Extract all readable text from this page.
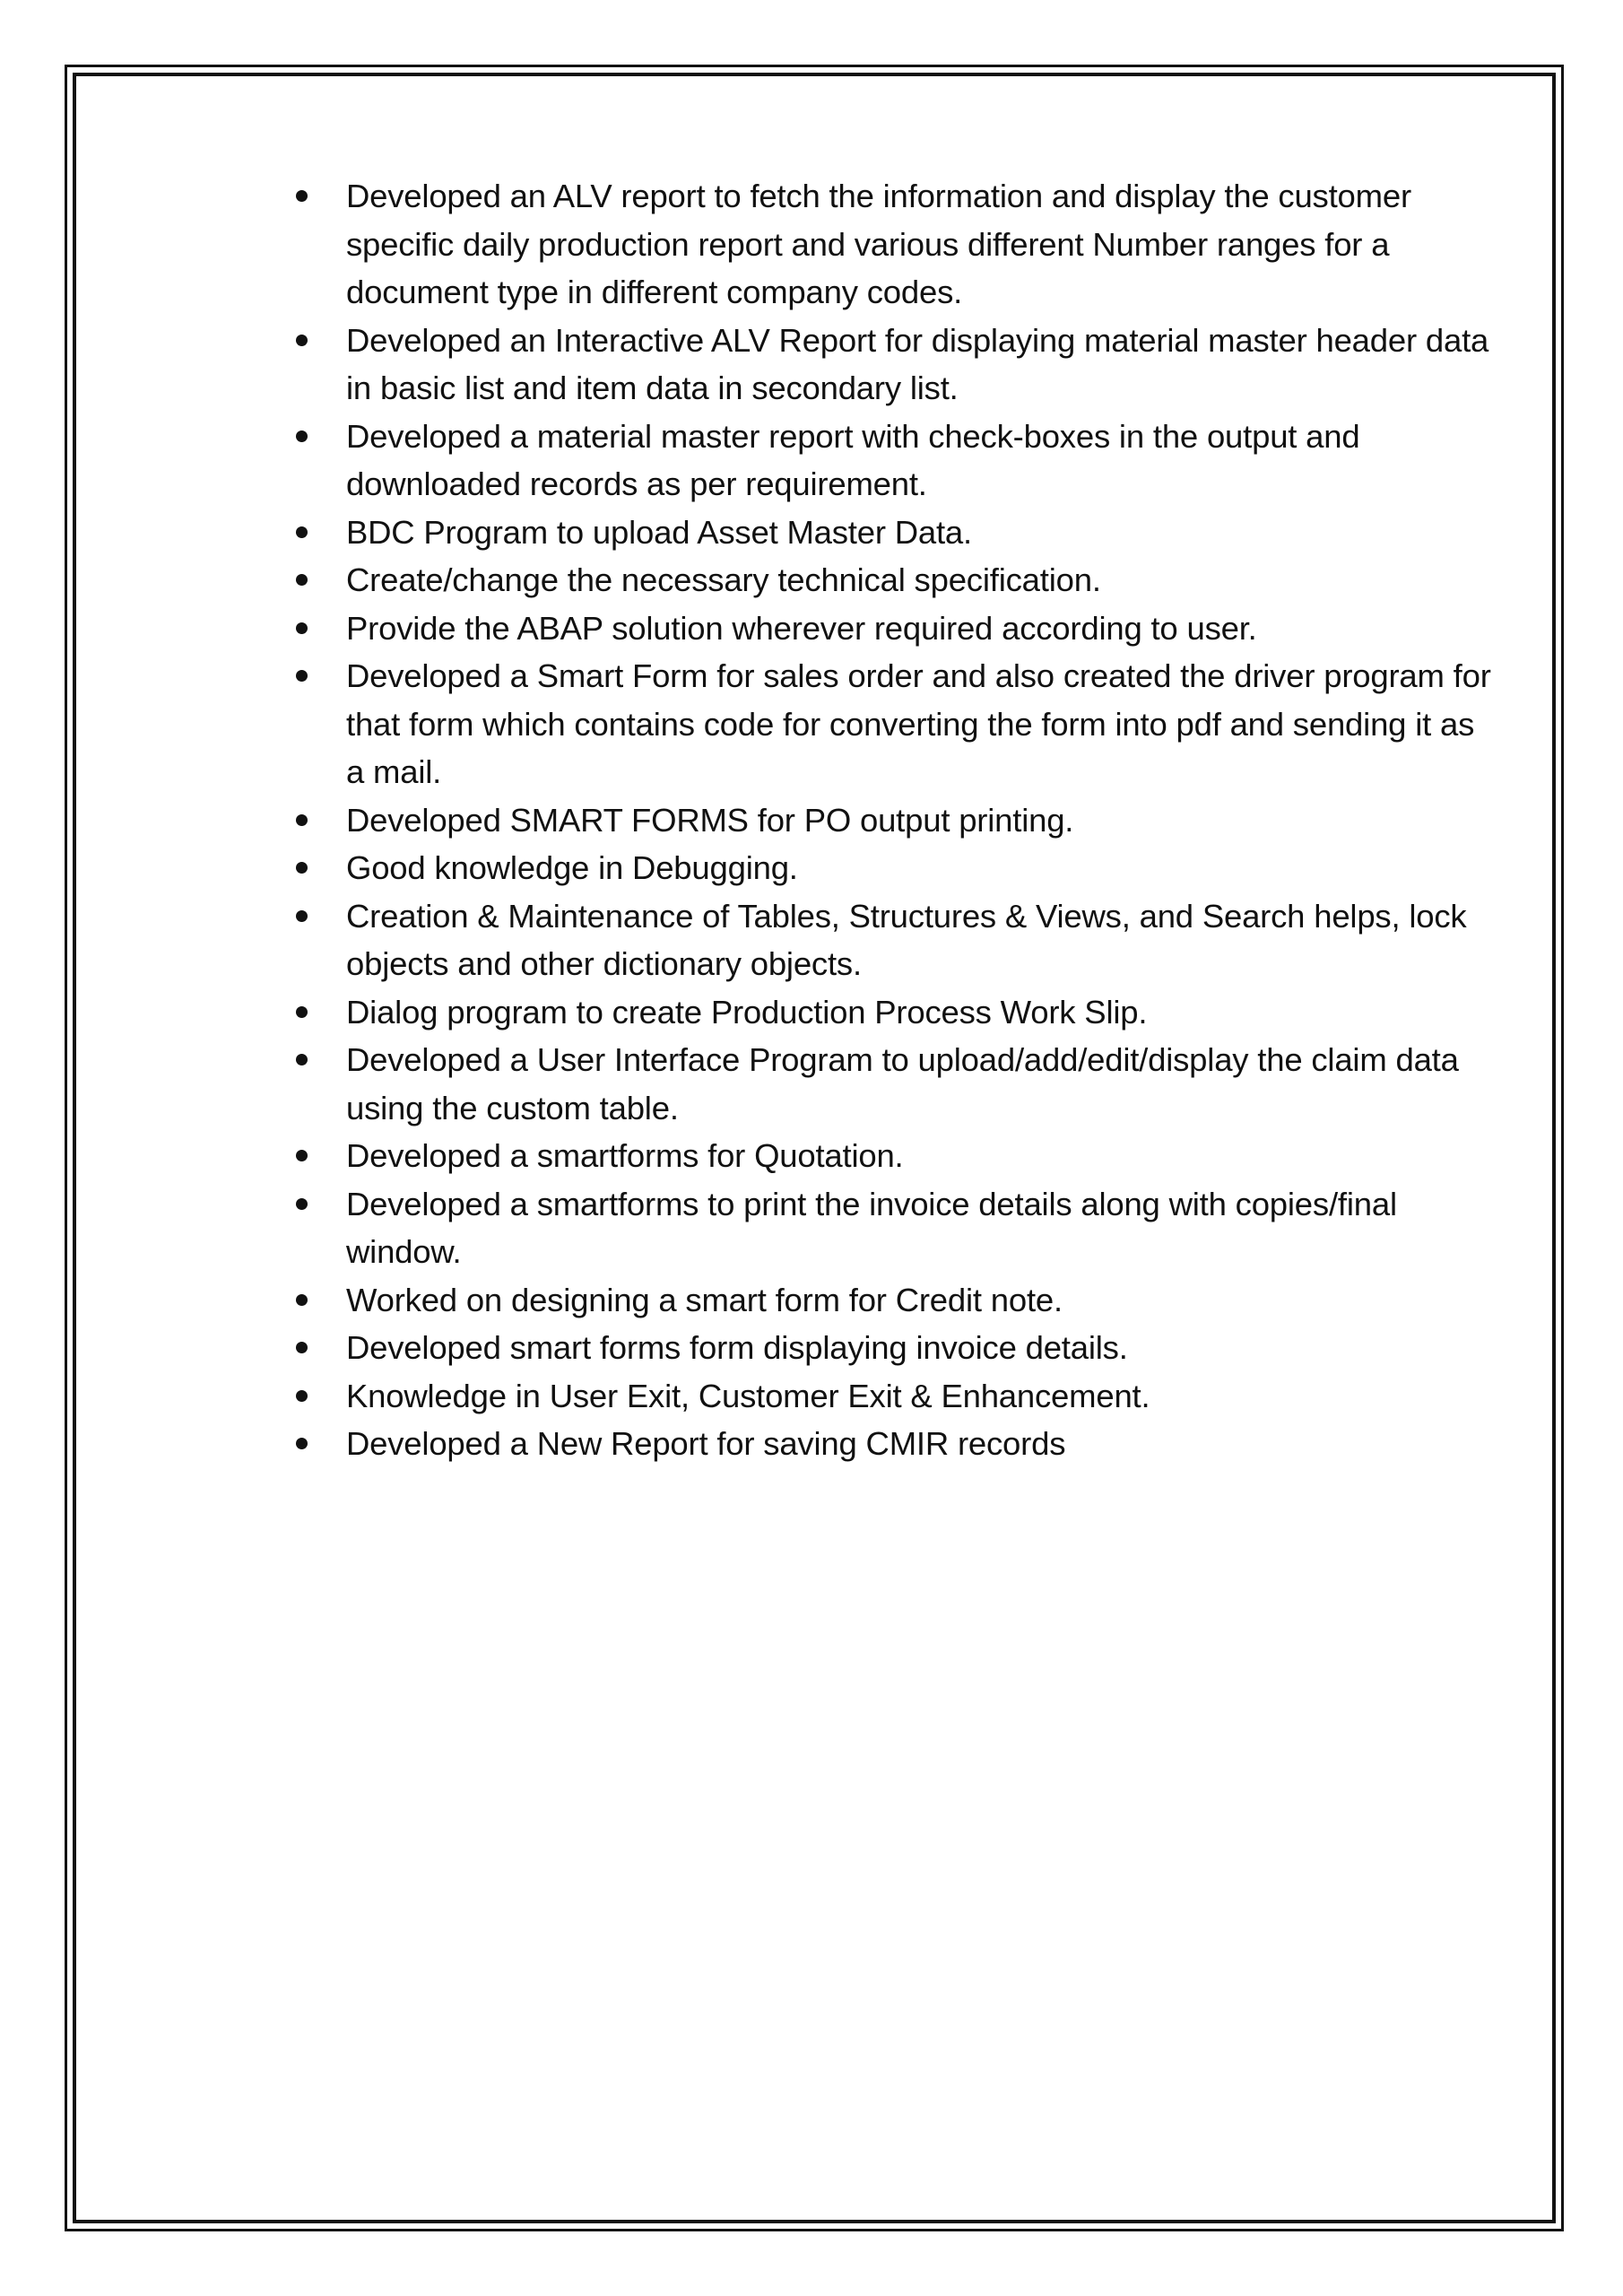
Developed an ALV report to fetch the information and display the customer specific daily production report and various different Number ranges for a document type in different company codes.
Developed an Interactive ALV Report for displaying material master header data in basic list and item data in secondary list.
Developed a material master report with check-boxes in the output and downloaded records as per requirement.
BDC Program to upload Asset Master Data.
Create/change the necessary technical specification.
Provide the ABAP solution wherever required according to user.
Developed a Smart Form for sales order and also created the driver program for that form which contains code for converting the form into pdf and sending it as a mail.
Developed SMART FORMS for PO output printing.
Good knowledge in Debugging.
Creation & Maintenance of Tables, Structures & Views, and Search helps, lock objects and other dictionary objects.
Dialog program to create Production Process Work Slip.
Developed a User Interface Program to upload/add/edit/display the claim data using the custom table.
Developed a smartforms for Quotation.
Developed a smartforms to print the invoice details along with copies/final window.
Worked on designing a smart form for Credit note.
Developed smart forms form displaying invoice details.
Knowledge in User Exit, Customer Exit & Enhancement.
Developed a New Report for saving CMIR records
